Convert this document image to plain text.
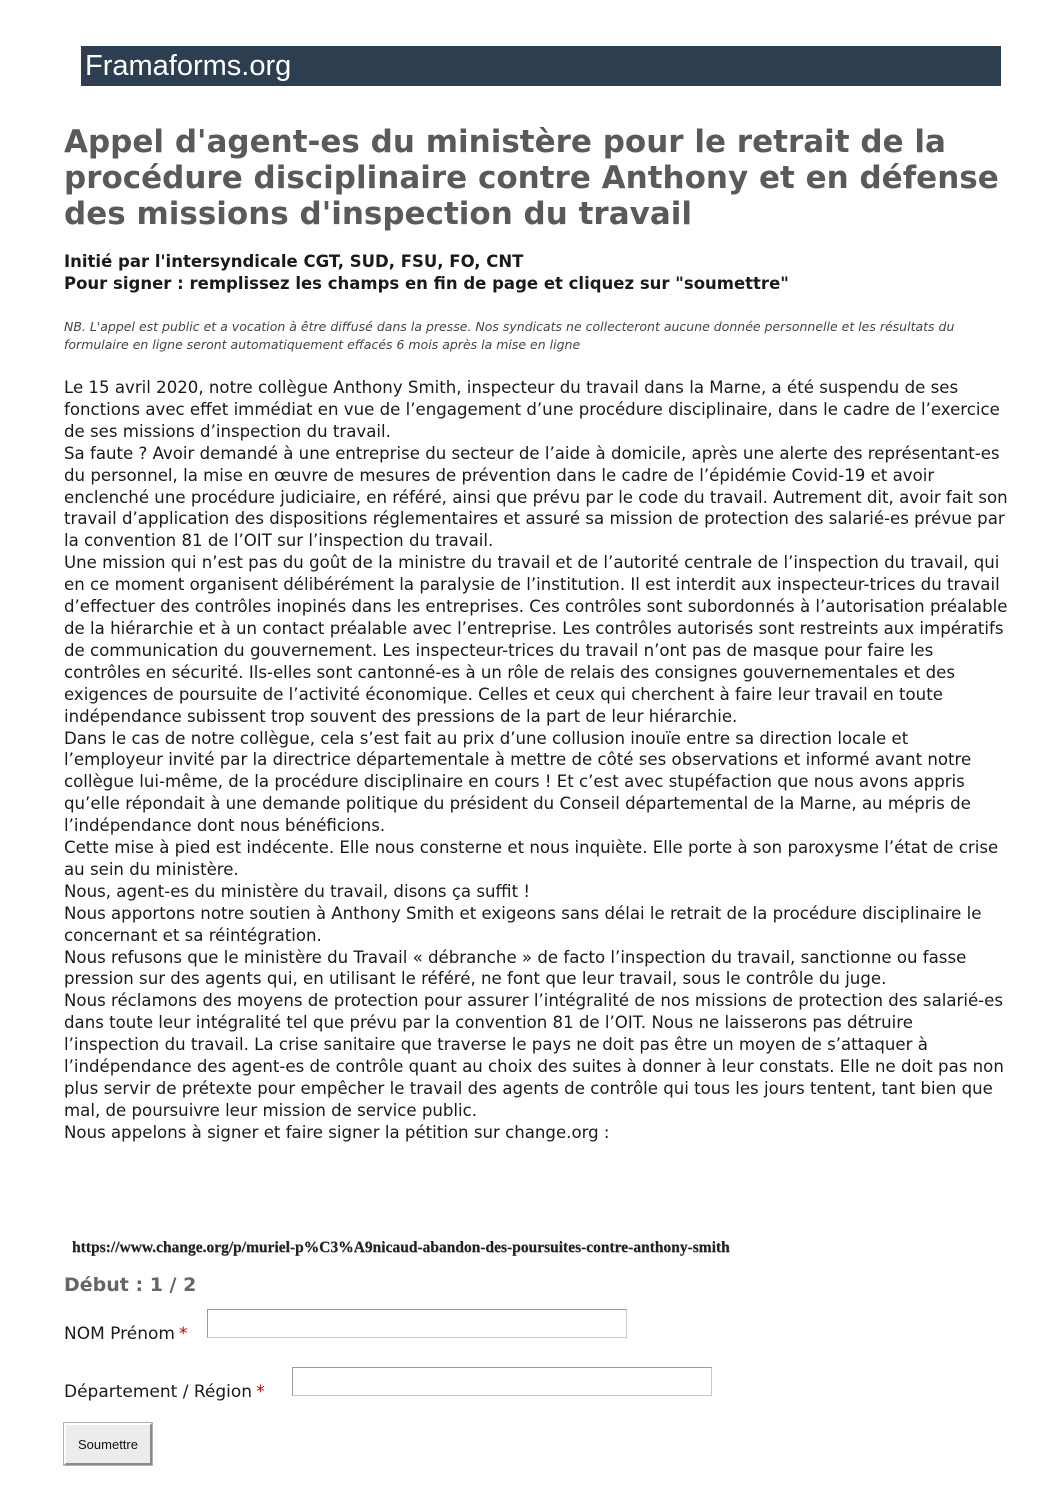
Framaforms.org
Appel d'agent-es du ministère pour le retrait de la procédure disciplinaire contre Anthony et en défense des missions d'inspection du travail

Initié par l'intersyndicale CGT, SUD, FSU, FO, CNT

Pour signer : remplissez les champs en fin de page et cliquez sur "soumettre"

NB. L'appel est public et a vocation à être diffusé dans la presse. Nos syndicats ne collecteront aucune donnée personnelle et les résultats du formulaire en ligne seront automatiquement effacés 6 mois après la mise en ligne

Le 15 avril 2020, notre collègue Anthony Smith, inspecteur du travail dans la Marne, a été suspendu de ses fonctions avec effet immédiat en vue de l’engagement d’une procédure disciplinaire, dans le cadre de l’exercice de ses missions d’inspection du travail.
Sa faute ? Avoir demandé à une entreprise du secteur de l’aide à domicile, après une alerte des représentant-es du personnel, la mise en œuvre de mesures de prévention dans le cadre de l’épidémie Covid-19 et avoir enclenché une procédure judiciaire, en référé, ainsi que prévu par le code du travail. Autrement dit, avoir fait son travail d’application des dispositions réglementaires et assuré sa mission de protection des salarié-es prévue par la convention 81 de l’OIT sur l’inspection du travail.
Une mission qui n’est pas du goût de la ministre du travail et de l’autorité centrale de l’inspection du travail, qui en ce moment organisent délibérément la paralysie de l’institution. Il est interdit aux inspecteur-trices du travail d’effectuer des contrôles inopinés dans les entreprises. Ces contrôles sont subordonnés à l’autorisation préalable de la hiérarchie et à un contact préalable avec l’entreprise. Les contrôles autorisés sont restreints aux impératifs de communication du gouvernement. Les inspecteur-trices du travail n’ont pas de masque pour faire les contrôles en sécurité. Ils-elles sont cantonné-es à un rôle de relais des consignes gouvernementales et des exigences de poursuite de l’activité économique. Celles et ceux qui cherchent à faire leur travail en toute indépendance subissent trop souvent des pressions de la part de leur hiérarchie.
Dans le cas de notre collègue, cela s’est fait au prix d’une collusion inouïe entre sa direction locale et l’employeur invité par la directrice départementale à mettre de côté ses observations et informé avant notre collègue lui-même, de la procédure disciplinaire en cours ! Et c’est avec stupéfaction que nous avons appris qu’elle répondait à une demande politique du président du Conseil départemental de la Marne, au mépris de l’indépendance dont nous bénéficions.
Cette mise à pied est indécente. Elle nous consterne et nous inquiète. Elle porte à son paroxysme l’état de crise au sein du ministère.
Nous, agent-es du ministère du travail, disons ça suffit !
Nous apportons notre soutien à Anthony Smith et exigeons sans délai le retrait de la procédure disciplinaire le concernant et sa réintégration.
Nous refusons que le ministère du Travail « débranche » de facto l’inspection du travail, sanctionne ou fasse pression sur des agents qui, en utilisant le référé, ne font que leur travail, sous le contrôle du juge.
Nous réclamons des moyens de protection pour assurer l’intégralité de nos missions de protection des salarié-es dans toute leur intégralité tel que prévu par la convention 81 de l’OIT. Nous ne laisserons pas détruire l’inspection du travail. La crise sanitaire que traverse le pays ne doit pas être un moyen de s’attaquer à l’indépendance des agent-es de contrôle quant au choix des suites à donner à leur constats. Elle ne doit pas non plus servir de prétexte pour empêcher le travail des agents de contrôle qui tous les jours tentent, tant bien que mal, de poursuivre leur mission de service public.
Nous appelons à signer et faire signer la pétition sur change.org :

https://www.change.org/p/muriel-p%C3%A9nicaud-abandon-des-poursuites-contre-anthony-smith
Début : 1 / 2
NOM Prénom *
Département / Région *
Soumettre
